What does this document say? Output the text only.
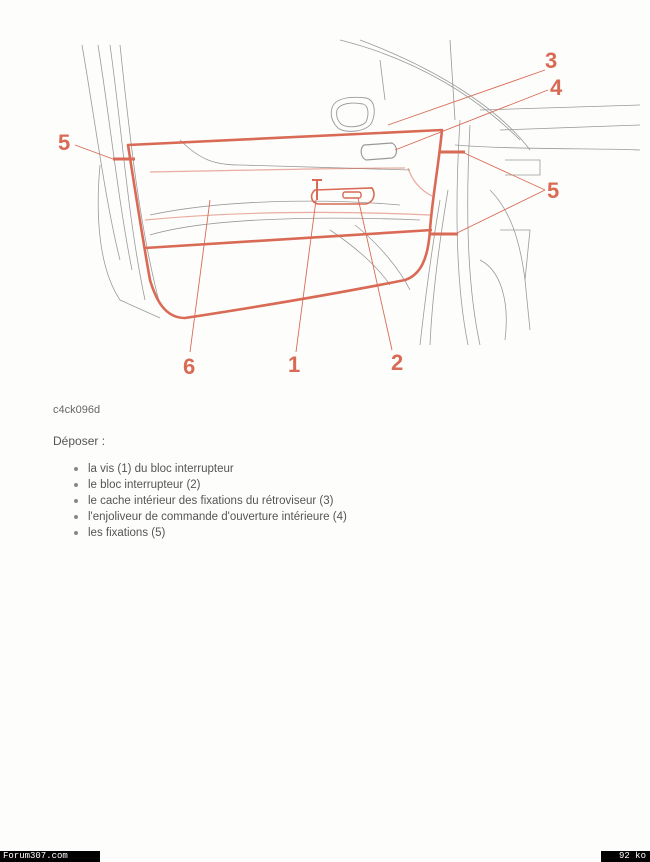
3
4
5
5
6	1	2
c4ck096d
Déposer :
la vis (1) du bloc interrupteur
le bloc interrupteur (2)
le cache intérieur des fixations du rétroviseur (3)
l'enjoliveur de commande d'ouverture intérieure (4)
les fixations (5)
Forum307.com	92 ko
